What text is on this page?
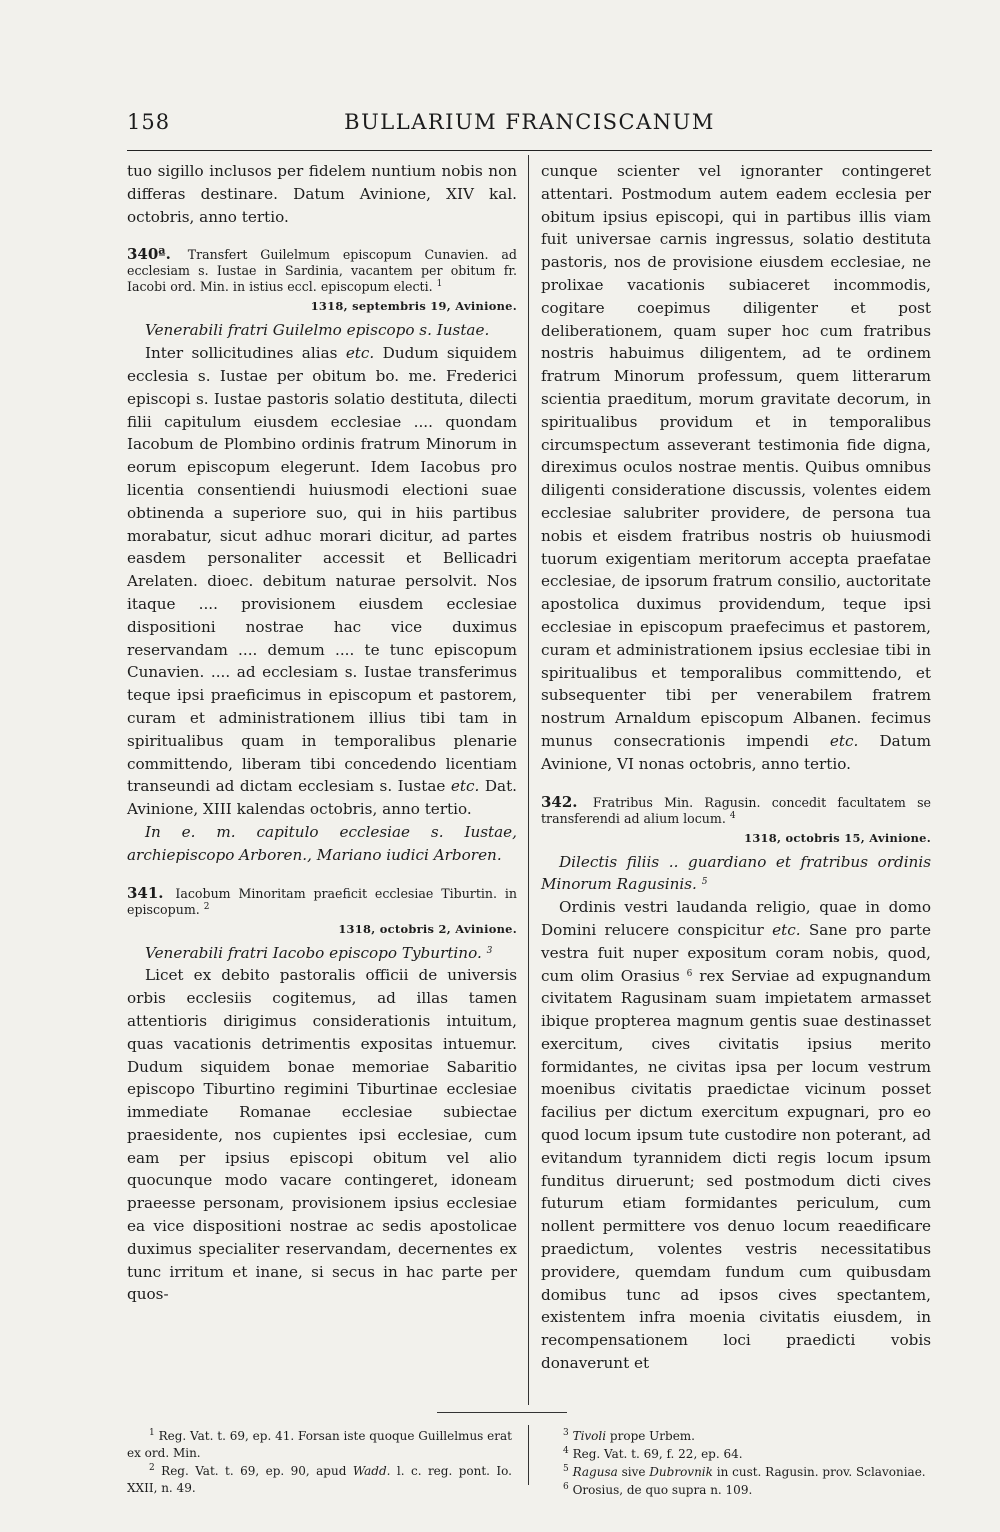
158	BULLARIUM FRANCISCANUM

tuo sigillo inclusos per fidelem nuntium nobis non differas destinare. Datum Avinione, XIV kal. octobris, anno tertio.

340ª. Transfert Guilelmum episcopum Cunavien. ad ecclesiam s. Iustae in Sardinia, vacantem per obitum fr. Iacobi ord. Min. in istius eccl. episcopum electi. $^1$
1318, septembris 19, Avinione.

Venerabili fratri Guilelmo episcopo s. Iustae.

Inter sollicitudines alias etc. Dudum siquidem ecclesia s. Iustae per obitum bo. me. Frederici episcopi s. Iustae pastoris solatio destituta, dilecti filii capitulum eiusdem ecclesiae .... quondam Iacobum de Plombino ordinis fratrum Minorum in eorum episcopum elegerunt. Idem Iacobus pro licentia consentiendi huiusmodi electioni suae obtinenda a superiore suo, qui in hiis partibus morabatur, sicut adhuc morari dicitur, ad partes easdem personaliter accessit et Bellicadri Arelaten. dioec. debitum naturae persolvit. Nos itaque .... provisionem eiusdem ecclesiae dispositioni nostrae hac vice duximus reservandam .... demum .... te tunc episcopum Cunavien. .... ad ecclesiam s. Iustae transferimus teque ipsi praeficimus in episcopum et pastorem, curam et administrationem illius tibi tam in spiritualibus quam in temporalibus plenarie committendo, liberam tibi concedendo licentiam transeundi ad dictam ecclesiam s. Iustae etc. Dat. Avinione, XIII kalendas octobris, anno tertio.

In e. m. capitulo ecclesiae s. Iustae, archiepiscopo Arboren., Mariano iudici Arboren.

341. Iacobum Minoritam praeficit ecclesiae Tiburtin. in episcopum. $^2$
1318, octobris 2, Avinione.

Venerabili fratri Iacobo episcopo Tyburtino. $^3$

Licet ex debito pastoralis officii de universis orbis ecclesiis cogitemus, ad illas tamen attentioris dirigimus considerationis intuitum, quas vacationis detrimentis expositas intuemur. Dudum siquidem bonae memoriae Sabaritio episcopo Tiburtino regimini Tiburtinae ecclesiae immediate Romanae ecclesiae subiectae praesidente, nos cupientes ipsi ecclesiae, cum eam per ipsius episcopi obitum vel alio quocunque modo vacare contingeret, idoneam praeesse personam, provisionem ipsius ecclesiae ea vice dispositioni nostrae ac sedis apostolicae duximus specialiter reservandam, decernentes ex tunc irritum et inane, si secus in hac parte per quos-

cunque scienter vel ignoranter contingeret attentari. Postmodum autem eadem ecclesia per obitum ipsius episcopi, qui in partibus illis viam fuit universae carnis ingressus, solatio destituta pastoris, nos de provisione eiusdem ecclesiae, ne prolixae vacationis subiaceret incommodis, cogitare coepimus diligenter et post deliberationem, quam super hoc cum fratribus nostris habuimus diligentem, ad te ordinem fratrum Minorum professum, quem litterarum scientia praeditum, morum gravitate decorum, in spiritualibus providum et in temporalibus circumspectum asseverant testimonia fide digna, direximus oculos nostrae mentis. Quibus omnibus diligenti consideratione discussis, volentes eidem ecclesiae salubriter providere, de persona tua nobis et eisdem fratribus nostris ob huiusmodi tuorum exigentiam meritorum accepta praefatae ecclesiae, de ipsorum fratrum consilio, auctoritate apostolica duximus providendum, teque ipsi ecclesiae in episcopum praefecimus et pastorem, curam et administrationem ipsius ecclesiae tibi in spiritualibus et temporalibus committendo, et subsequenter tibi per venerabilem fratrem nostrum Arnaldum episcopum Albanen. fecimus munus consecrationis impendi etc. Datum Avinione, VI nonas octobris, anno tertio.

342. Fratribus Min. Ragusin. concedit facultatem se transferendi ad alium locum. $^4$
1318, octobris 15, Avinione.

Dilectis filiis .. guardiano et fratribus ordinis Minorum Ragusinis. $^5$

Ordinis vestri laudanda religio, quae in domo Domini relucere conspicitur etc. Sane pro parte vestra fuit nuper expositum coram nobis, quod, cum olim Orasius $^6$ rex Serviae ad expugnandum civitatem Ragusinam suam impietatem armasset ibique propterea magnum gentis suae destinasset exercitum, cives civitatis ipsius merito formidantes, ne civitas ipsa per locum vestrum moenibus civitatis praedictae vicinum posset facilius per dictum exercitum expugnari, pro eo quod locum ipsum tute custodire non poterant, ad evitandum tyrannidem dicti regis locum ipsum funditus diruerunt; sed postmodum dicti cives futurum etiam formidantes periculum, cum nollent permittere vos denuo locum reaedificare praedictum, volentes vestris necessitatibus providere, quemdam fundum cum quibusdam domibus tunc ad ipsos cives spectantem, existentem infra moenia civitatis eiusdem, in recompensationem loci praedicti vobis donaverunt et

$^1$ Reg. Vat. t. 69, ep. 41. Forsan iste quoque Guillelmus erat ex ord. Min.

$^2$ Reg. Vat. t. 69, ep. 90, apud Wadd. l. c. reg. pont. Io. XXII, n. 49.

$^3$ Tivoli prope Urbem.

$^4$ Reg. Vat. t. 69, f. 22, ep. 64.

$^5$ Ragusa sive Dubrovnik in cust. Ragusin. prov. Sclavoniae.

$^6$ Orosius, de quo supra n. 109.
